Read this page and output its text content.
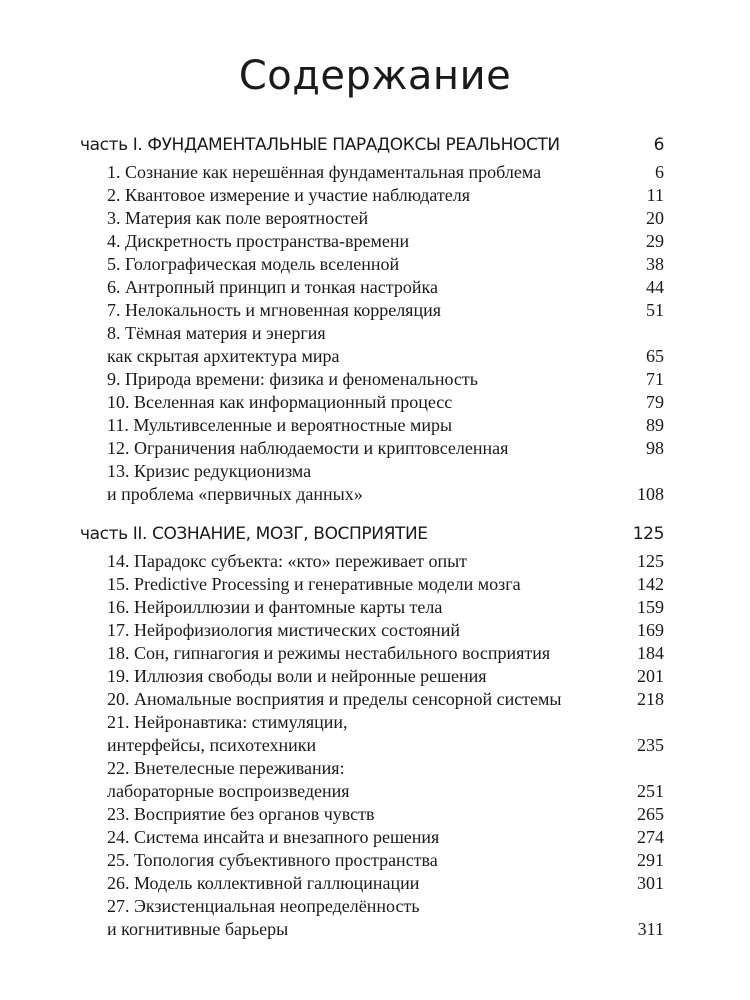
Содержание
часть I. ФУНДАМЕНТАЛЬНЫЕ ПАРАДОКСЫ РЕАЛЬНОСТИ	6
1. Сознание как нерешённая фундаментальная проблема	6
2. Квантовое измерение и участие наблюдателя	11
3. Материя как поле вероятностей	20
4. Дискретность пространства-времени	29
5. Голографическая модель вселенной	38
6. Антропный принцип и тонкая настройка	44
7. Нелокальность и мгновенная корреляция	51
8. Тёмная материя и энергия
как скрытая архитектура мира	65
9. Природа времени: физика и феноменальность	71
10. Вселенная как информационный процесс	79
11. Мультивселенные и вероятностные миры	89
12. Ограничения наблюдаемости и криптовселенная	98
13. Кризис редукционизма
и проблема «первичных данных»	108
часть II. СОЗНАНИЕ, МОЗГ, ВОСПРИЯТИЕ	125
14. Парадокс субъекта: «кто» переживает опыт	125
15. Predictive Processing и генеративные модели мозга	142
16. Нейроиллюзии и фантомные карты тела	159
17. Нейрофизиология мистических состояний	169
18. Сон, гипнагогия и режимы нестабильного восприятия	184
19. Иллюзия свободы воли и нейронные решения	201
20. Аномальные восприятия и пределы сенсорной системы	218
21. Нейронавтика: стимуляции,
интерфейсы, психотехники	235
22. Внетелесные переживания:
лабораторные воспроизведения	251
23. Восприятие без органов чувств	265
24. Система инсайта и внезапного решения	274
25. Топология субъективного пространства	291
26. Модель коллективной галлюцинации	301
27. Экзистенциальная неопределённость
и когнитивные барьеры	311
